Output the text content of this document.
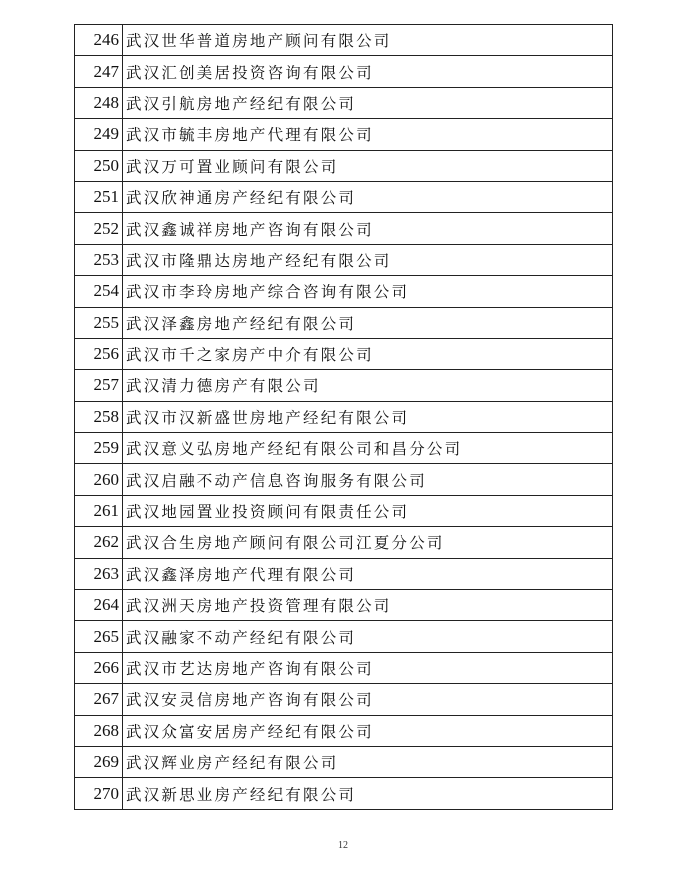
246	武汉世华普道房地产顾问有限公司
247	武汉汇创美居投资咨询有限公司
248	武汉引航房地产经纪有限公司
249	武汉市毓丰房地产代理有限公司
250	武汉万可置业顾问有限公司
251	武汉欣神通房产经纪有限公司
252	武汉鑫诚祥房地产咨询有限公司
253	武汉市隆鼎达房地产经纪有限公司
254	武汉市李玲房地产综合咨询有限公司
255	武汉泽鑫房地产经纪有限公司
256	武汉市千之家房产中介有限公司
257	武汉清力德房产有限公司
258	武汉市汉新盛世房地产经纪有限公司
259	武汉意义弘房地产经纪有限公司和昌分公司
260	武汉启融不动产信息咨询服务有限公司
261	武汉地园置业投资顾问有限责任公司
262	武汉合生房地产顾问有限公司江夏分公司
263	武汉鑫泽房地产代理有限公司
264	武汉洲天房地产投资管理有限公司
265	武汉融家不动产经纪有限公司
266	武汉市艺达房地产咨询有限公司
267	武汉安灵信房地产咨询有限公司
268	武汉众富安居房产经纪有限公司
269	武汉辉业房产经纪有限公司
270	武汉新思业房产经纪有限公司
12
